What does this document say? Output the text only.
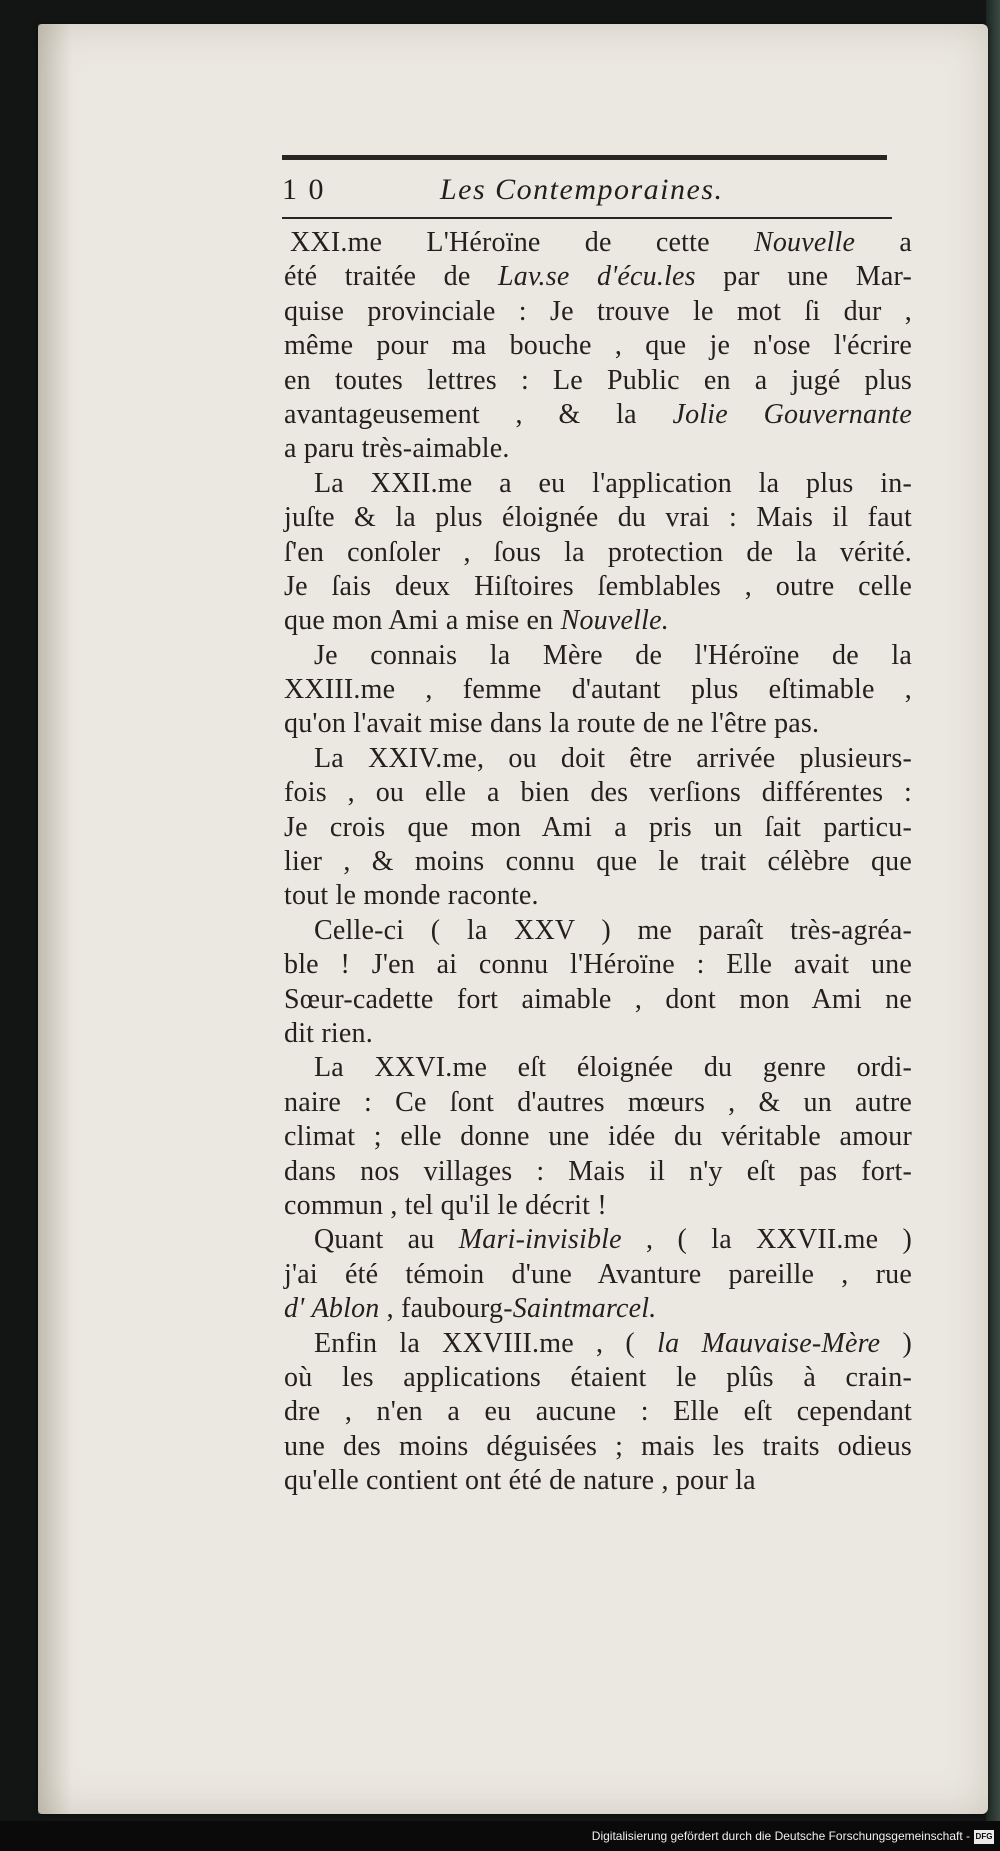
1 0	Les Contemporaines.
XXI.me L'Héroïne de cette Nouvelle a
été traitée de Lav.se d'écu.les par une Mar-
quise provinciale : Je trouve le mot ſi dur ,
même pour ma bouche , que je n'ose l'écrire
en toutes lettres : Le Public en a jugé plus
avantageusement , & la Jolie Gouvernante
a paru très-aimable.
La XXII.me a eu l'application la plus in-
juſte & la plus éloignée du vrai : Mais il faut
ſ'en conſoler , ſous la protection de la vérité.
Je ſais deux Hiſtoires ſemblables , outre celle
que mon Ami a mise en Nouvelle.
Je connais la Mère de l'Héroïne de la
XXIII.me , femme d'autant plus eſtimable ,
qu'on l'avait mise dans la route de ne l'être pas.
La XXIV.me, ou doit être arrivée plusieurs-
fois , ou elle a bien des verſions différentes :
Je crois que mon Ami a pris un ſait particu-
lier , & moins connu que le trait célèbre que
tout le monde raconte.
Celle-ci ( la XXV ) me paraît très-agréa-
ble ! J'en ai connu l'Héroïne : Elle avait une
Sœur-cadette fort aimable , dont mon Ami ne
dit rien.
La XXVI.me eſt éloignée du genre ordi-
naire : Ce ſont d'autres mœurs , & un autre
climat ; elle donne une idée du véritable amour
dans nos villages : Mais il n'y eſt pas fort-
commun , tel qu'il le décrit !
Quant au Mari-invisible , ( la XXVII.me )
j'ai été témoin d'une Avanture pareille , rue
d' Ablon , faubourg-Saintmarcel.
Enfin la XXVIII.me , ( la Mauvaise-Mère )
où les applications étaient le plûs à crain-
dre , n'en a eu aucune : Elle eſt cependant
une des moins déguisées ; mais les traits odieus
qu'elle contient ont été de nature , pour la
Digitalisierung gefördert durch die Deutsche Forschungsgemeinschaft - DFG
